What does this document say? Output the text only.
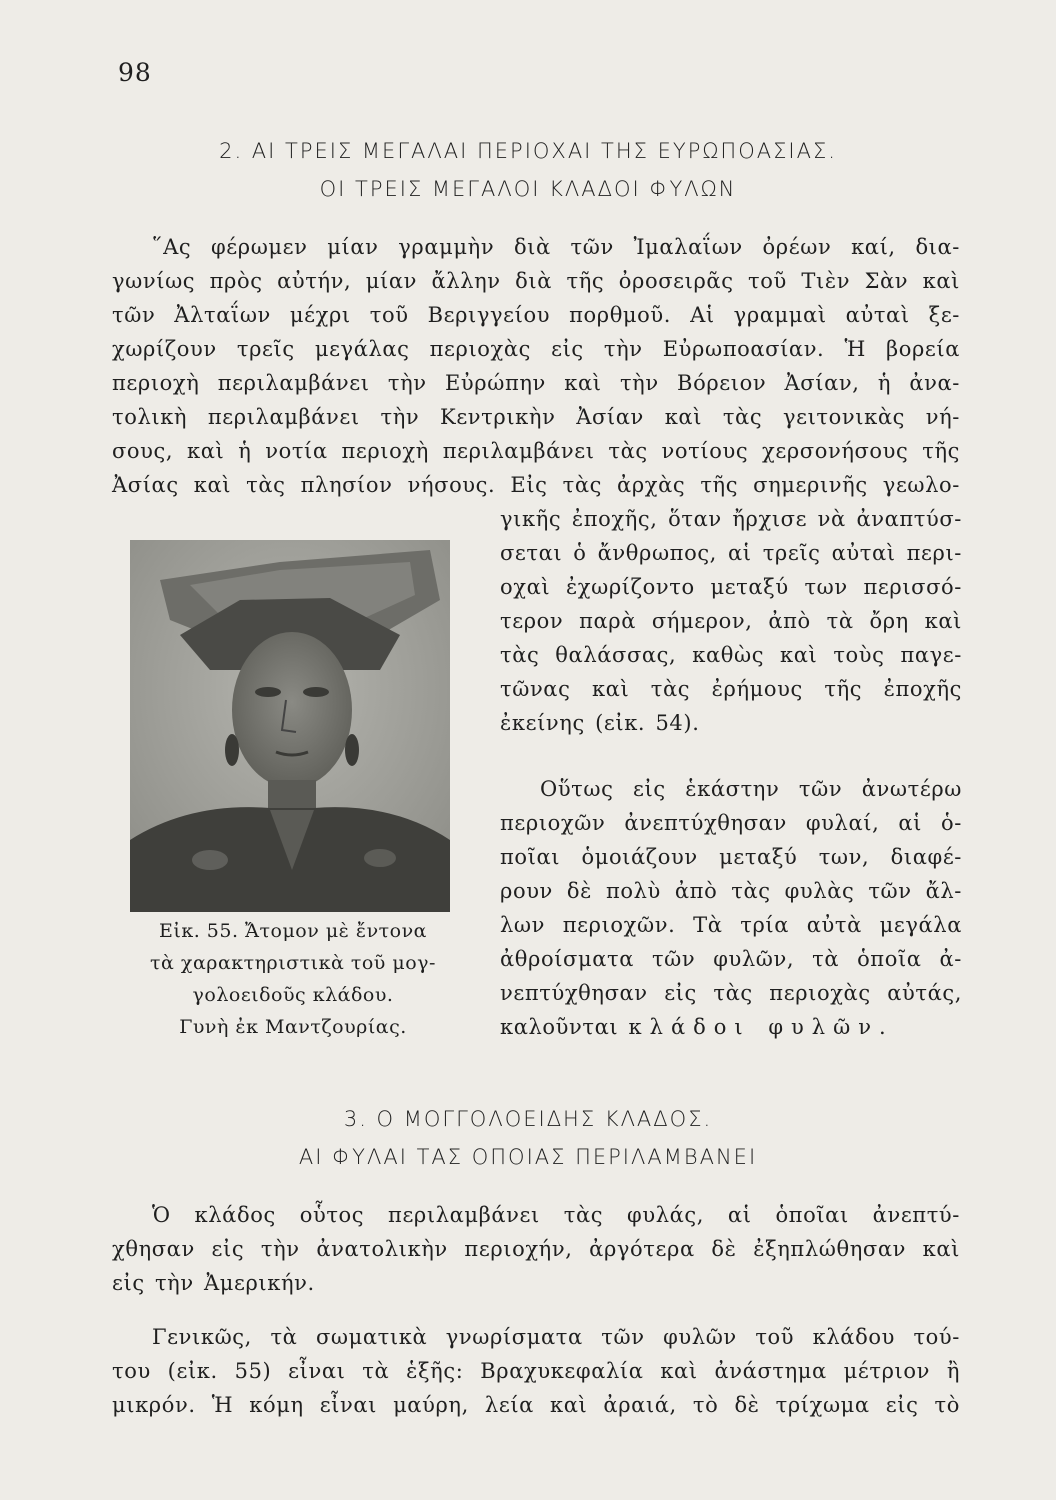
98
2. ΑΙ ΤΡΕΙΣ ΜΕΓΑΛΑΙ ΠΕΡΙΟΧΑΙ ΤΗΣ ΕΥΡΩΠΟΑΣΙΑΣ.
ΟΙ ΤΡΕΙΣ ΜΕΓΑΛΟΙ ΚΛΑΔΟΙ ΦΥΛΩΝ
῞Ας φέρωμεν μίαν γραμμὴν διὰ τῶν Ἰμαλαΐων ὀρέων καί, δια-
γωνίως πρὸς αὐτήν, μίαν ἄλλην διὰ τῆς ὀροσειρᾶς τοῦ Τιὲν Σὰν καὶ
τῶν Ἀλταΐων μέχρι τοῦ Βεριγγείου πορθμοῦ. Αἱ γραμμαὶ αὐταὶ ξε-
χωρίζουν τρεῖς μεγάλας περιοχὰς εἰς τὴν Εὐρωποασίαν. Ἡ βορεία
περιοχὴ περιλαμβάνει τὴν Εὐρώπην καὶ τὴν Βόρειον Ἀσίαν, ἡ ἀνα-
τολικὴ περιλαμβάνει τὴν Κεντρικὴν Ἀσίαν καὶ τὰς γειτονικὰς νή-
σους, καὶ ἡ νοτία περιοχὴ περιλαμβάνει τὰς νοτίους χερσονήσους τῆς
Ἀσίας καὶ τὰς πλησίον νήσους. Εἰς τὰς ἀρχὰς τῆς σημερινῆς γεωλο-
γικῆς ἐποχῆς, ὅταν ἤρχισε νὰ ἀναπτύσ-
σεται ὁ ἄνθρωπος, αἱ τρεῖς αὐταὶ περι-
οχαὶ ἐχωρίζοντο μεταξύ των περισσό-
τερον παρὰ σήμερον, ἀπὸ τὰ ὄρη καὶ
τὰς θαλάσσας, καθὼς καὶ τοὺς παγε-
τῶνας καὶ τὰς ἐρήμους τῆς ἐποχῆς
ἐκείνης (εἰκ. 54).
Οὕτως εἰς ἑκάστην τῶν ἀνωτέρω
περιοχῶν ἀνεπτύχθησαν φυλαί, αἱ ὁ-
ποῖαι ὁμοιάζουν μεταξύ των, διαφέ-
ρουν δὲ πολὺ ἀπὸ τὰς φυλὰς τῶν ἄλ-
λων περιοχῶν. Τὰ τρία αὐτὰ μεγάλα
ἀθροίσματα τῶν φυλῶν, τὰ ὁποῖα ἀ-
νεπτύχθησαν εἰς τὰς περιοχὰς αὐτάς,
καλοῦνται κλάδοι φυλῶν.
Εἰκ. 55. Ἄτομον μὲ ἔντονα
τὰ χαρακτηριστικὰ τοῦ μογ-
γολοειδοῦς κλάδου.
Γυνὴ ἐκ Μαντζουρίας.
3. Ο ΜΟΓΓΟΛΟΕΙΔΗΣ ΚΛΑΔΟΣ.
ΑΙ ΦΥΛΑΙ ΤΑΣ ΟΠΟΙΑΣ ΠΕΡΙΛΑΜΒΑΝΕΙ
Ὁ κλάδος οὗτος περιλαμβάνει τὰς φυλάς, αἱ ὁποῖαι ἀνεπτύ-
χθησαν εἰς τὴν ἀνατολικὴν περιοχήν, ἀργότερα δὲ ἐξηπλώθησαν καὶ
εἰς τὴν Ἀμερικήν.
Γενικῶς, τὰ σωματικὰ γνωρίσματα τῶν φυλῶν τοῦ κλάδου τού-
του (εἰκ. 55) εἶναι τὰ ἑξῆς: Βραχυκεφαλία καὶ ἀνάστημα μέτριον ἢ
μικρόν. Ἡ κόμη εἶναι μαύρη, λεία καὶ ἀραιά, τὸ δὲ τρίχωμα εἰς τὸ
